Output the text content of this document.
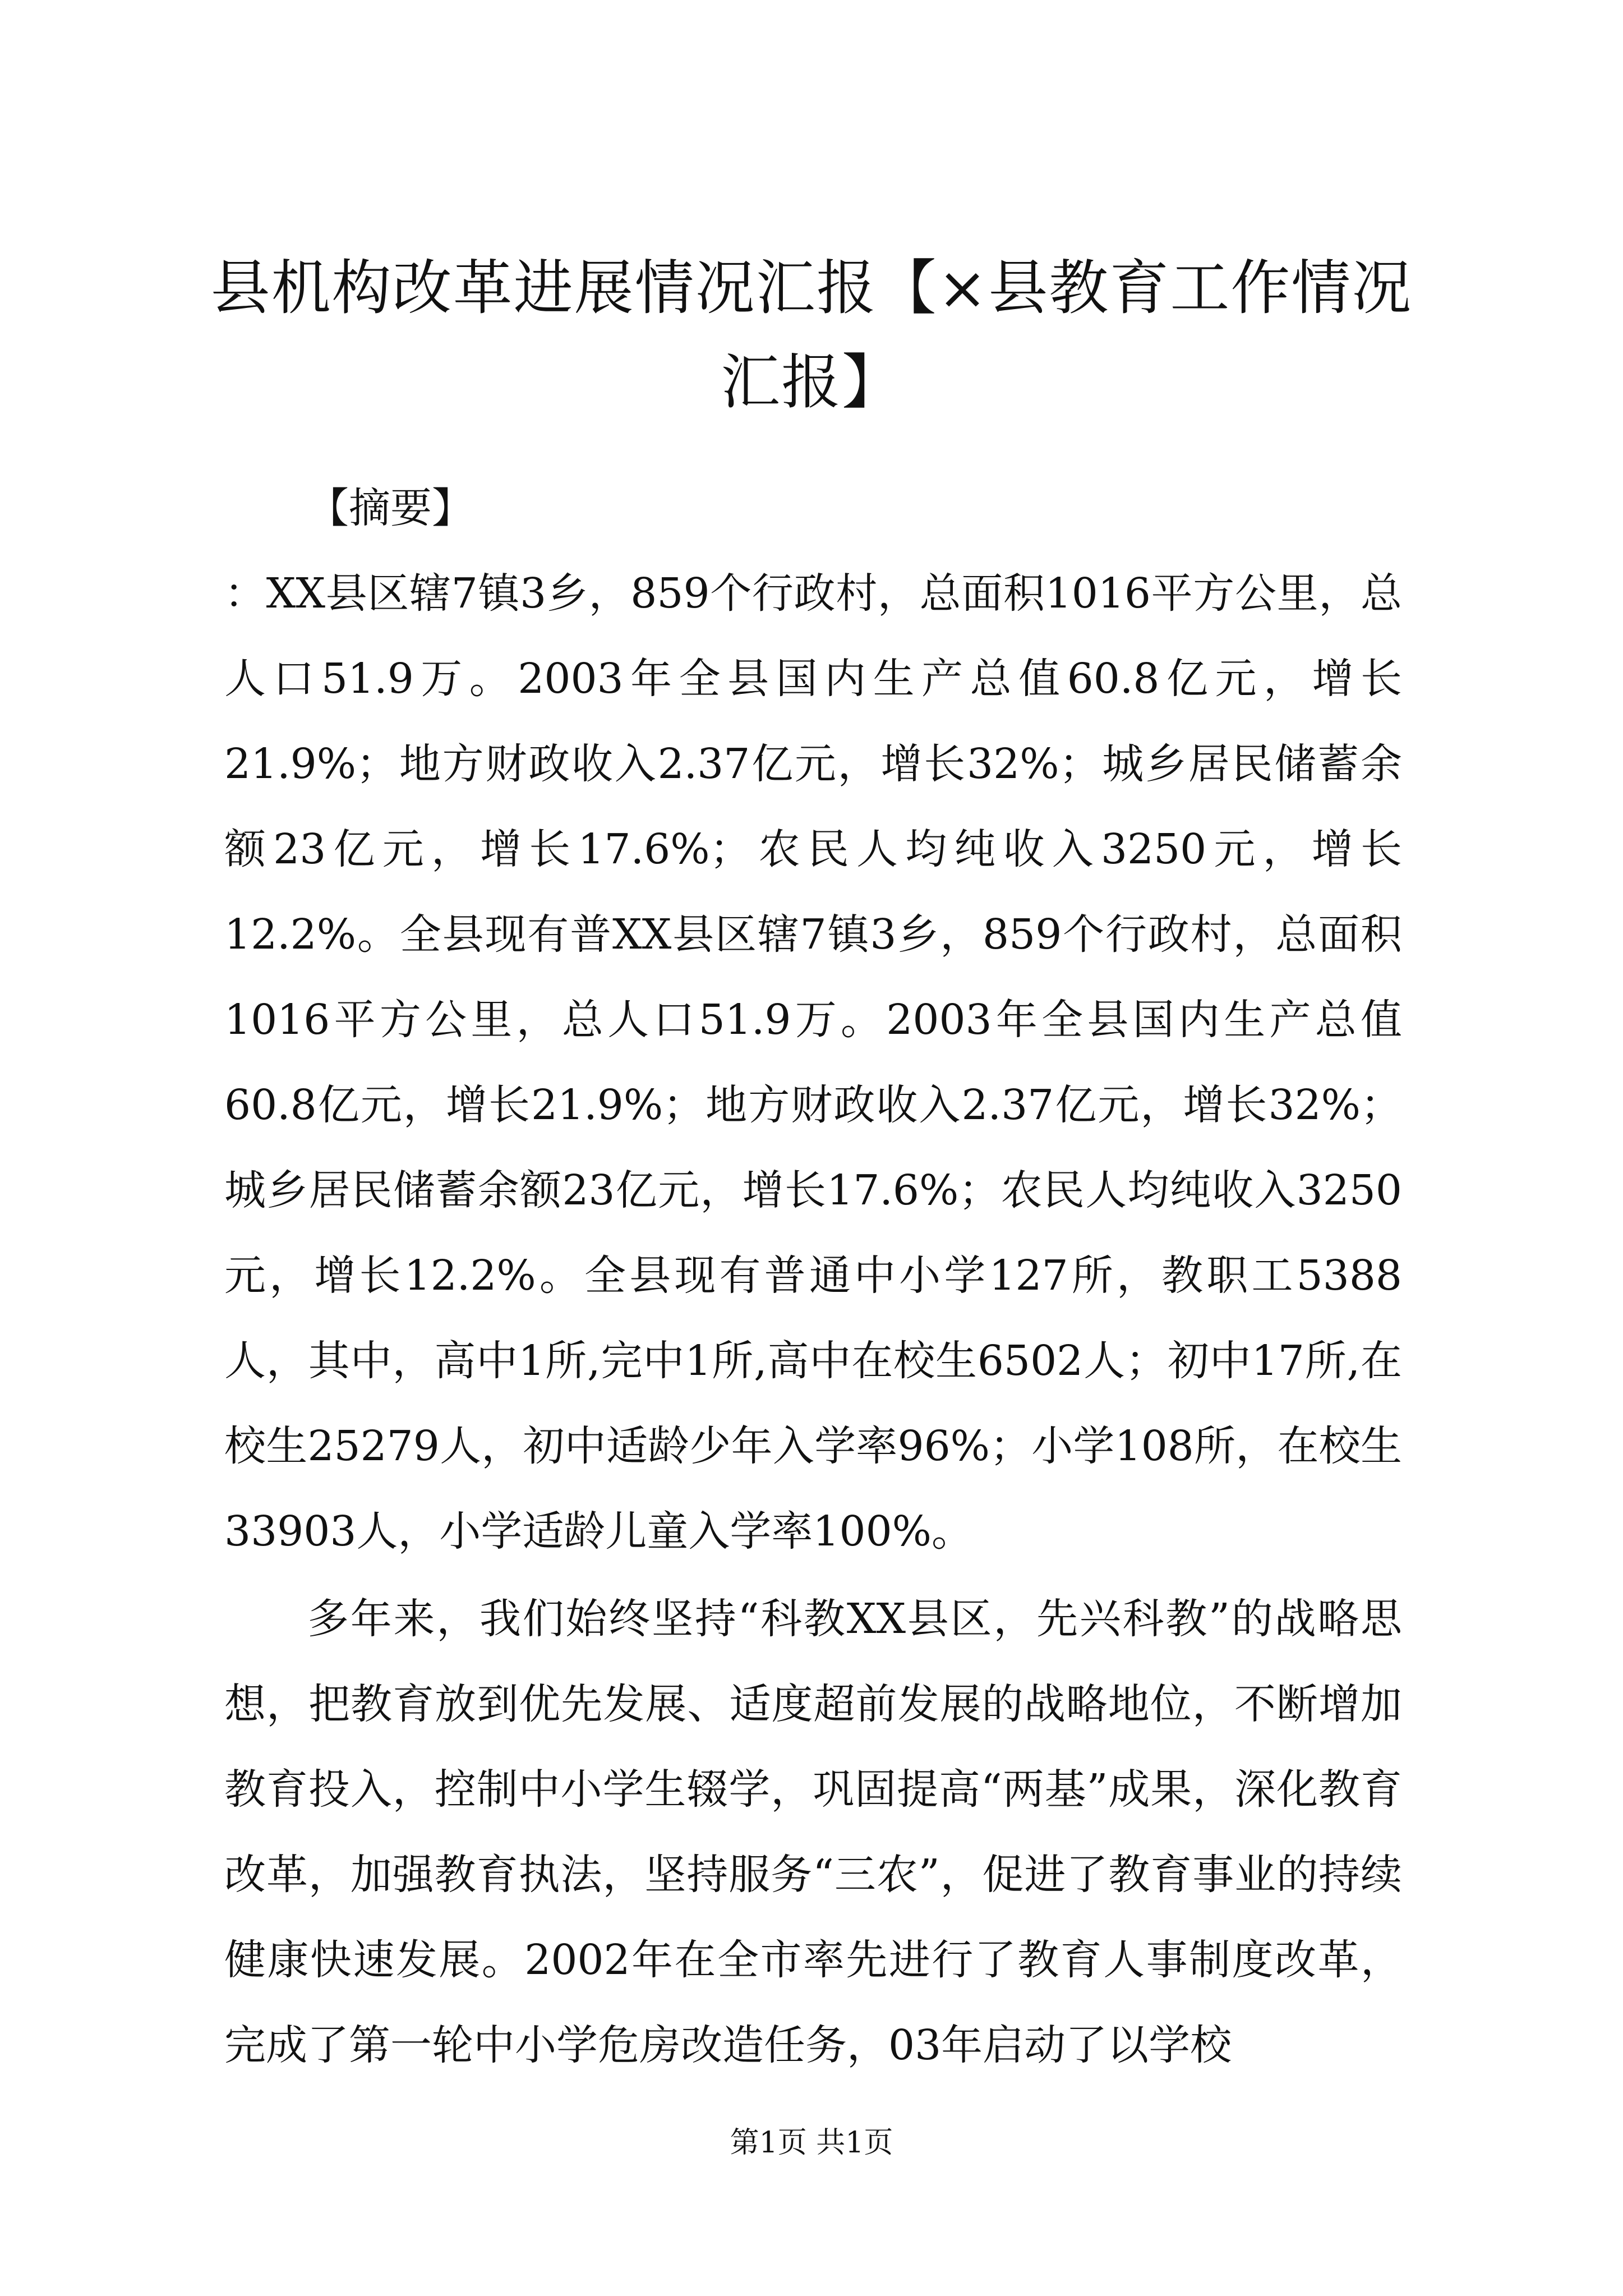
县机构改革进展情况汇报【×县教育工作情况汇报】

【摘要】

：XX县区辖7镇3乡，859个行政村，总面积1016平方公里，总人口51.9万。2003年全县国内生产总值60.8亿元，增长21.9%；地方财政收入2.37亿元，增长32%；城乡居民储蓄余额23亿元，增长17.6%；农民人均纯收入3250元，增长12.2%。全县现有普XX县区辖7镇3乡，859个行政村，总面积1016平方公里，总人口51.9万。2003年全县国内生产总值60.8亿元，增长21.9%；地方财政收入2.37亿元，增长32%；城乡居民储蓄余额23亿元，增长17.6%；农民人均纯收入3250元，增长12.2%。全县现有普通中小学127所，教职工5388人，其中，高中1所,完中1所,高中在校生6502人；初中17所,在校生25279人，初中适龄少年入学率96%；小学108所，在校生33903人，小学适龄儿童入学率100%。

多年来，我们始终坚持“科教XX县区，先兴科教”的战略思想，把教育放到优先发展、适度超前发展的战略地位，不断增加教育投入，控制中小学生辍学，巩固提高“两基”成果，深化教育改革，加强教育执法，坚持服务“三农”，促进了教育事业的持续健康快速发展。2002年在全市率先进行了教育人事制度改革，完成了第一轮中小学危房改造任务，03年启动了以学校

第1页 共1页
